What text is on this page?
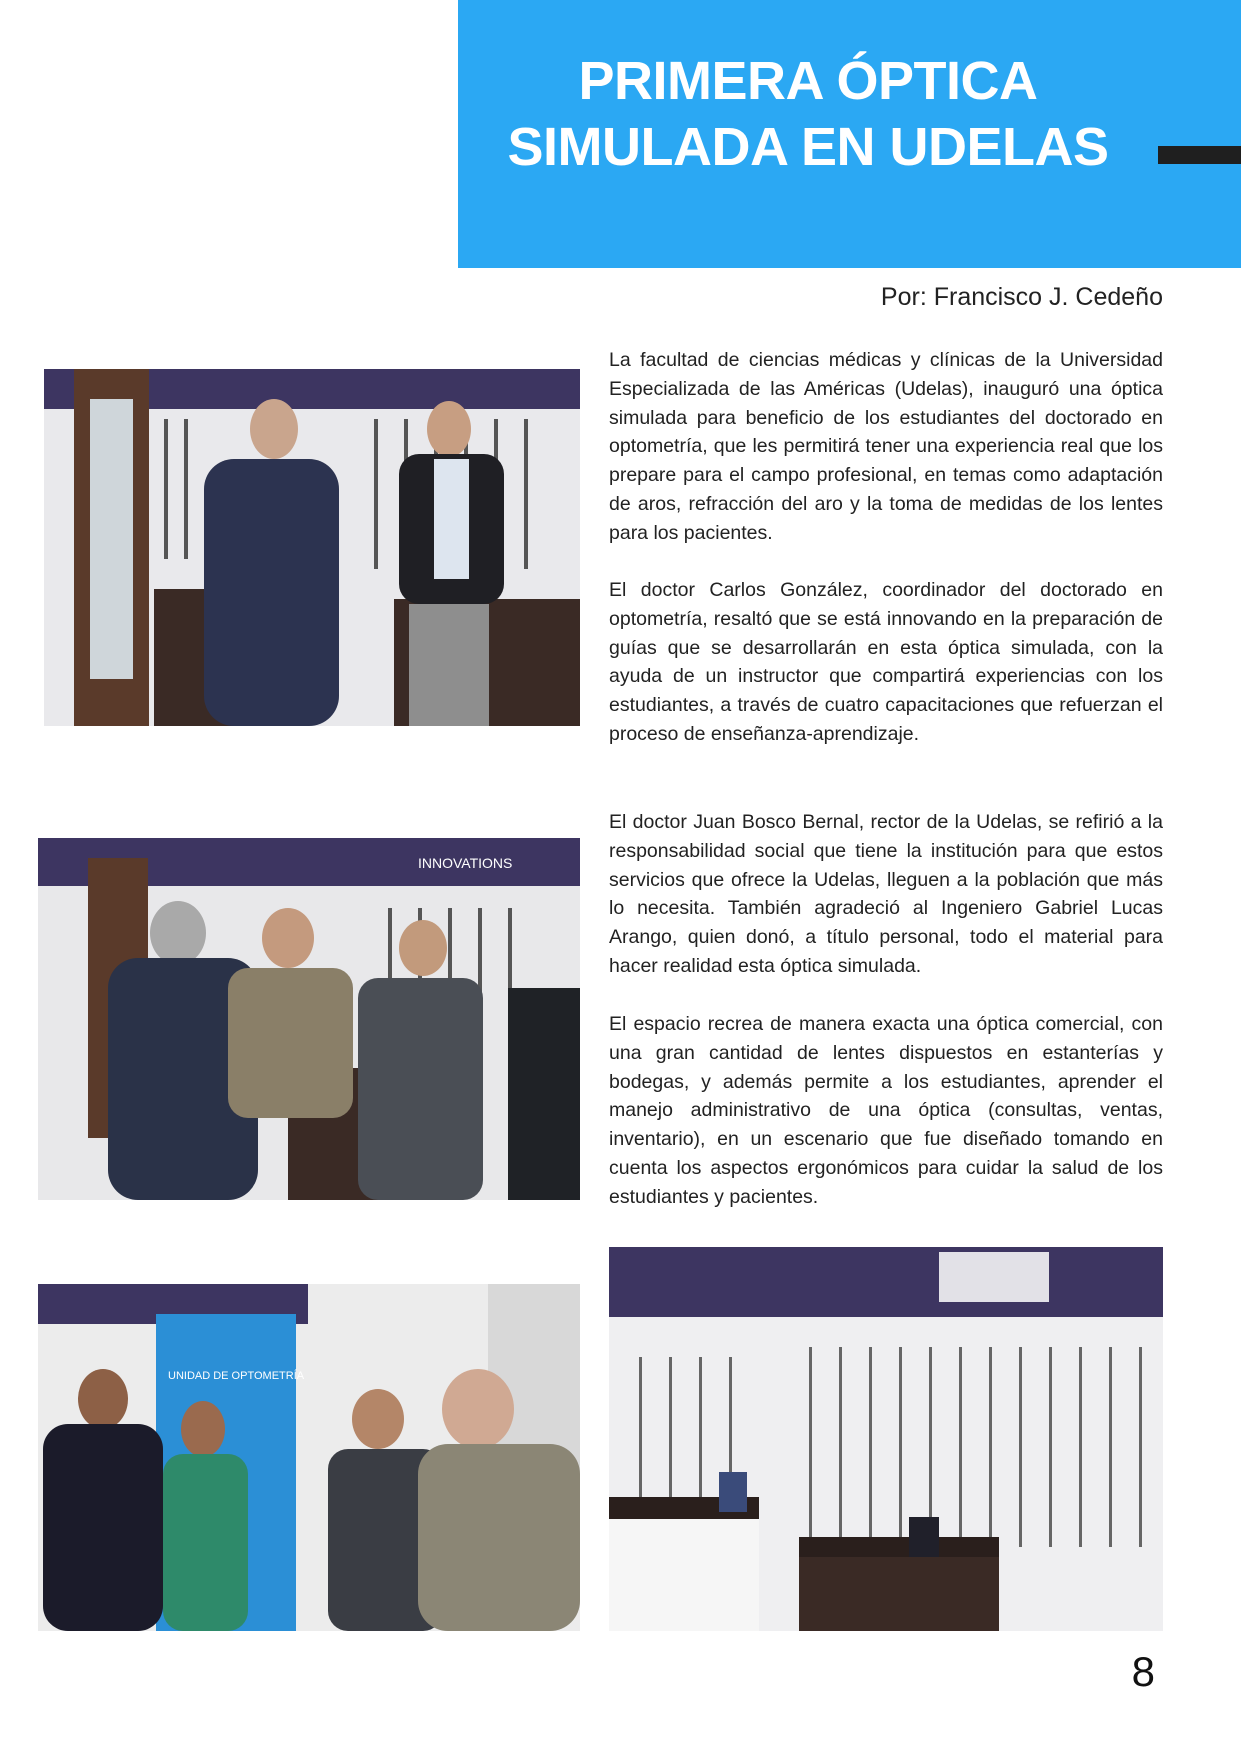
PRIMERA ÓPTICA
SIMULADA EN UDELAS
Por: Francisco J. Cedeño

La facultad de ciencias médicas y clínicas de la Universidad Especializada de las Américas (Udelas), inauguró una óptica simulada para beneficio de los estudiantes del doctorado en optometría, que les permitirá tener una experiencia real que los prepare para el campo profesional, en temas como adaptación de aros, refracción del aro y la toma de medidas de los lentes para los pacientes.

El doctor Carlos González, coordinador del doctorado en optometría, resaltó que se está innovando en la preparación de guías que se desarrollarán en esta óptica simulada, con la ayuda de un instructor que compartirá experiencias con los estudiantes, a través de cuatro capacitaciones que refuerzan el proceso de enseñanza-aprendizaje.

El doctor Juan Bosco Bernal, rector de la Udelas, se refirió a la responsabilidad social que tiene la institución para que estos servicios que ofrece la Udelas, lleguen a la población que más lo necesita. También agradeció al Ingeniero Gabriel Lucas Arango, quien donó, a título personal, todo el material para hacer realidad esta óptica simulada.

El espacio recrea de manera exacta una óptica comercial, con una gran cantidad de lentes dispuestos en estanterías y bodegas, y además permite a los estudiantes, aprender el manejo administrativo de una óptica (consultas, ventas, inventario), en un escenario que fue diseñado tomando en cuenta los aspectos ergonómicos para cuidar la salud de los estudiantes y pacientes.

INNOVATIONS
UNIDAD DE OPTOMETRÍA
8
